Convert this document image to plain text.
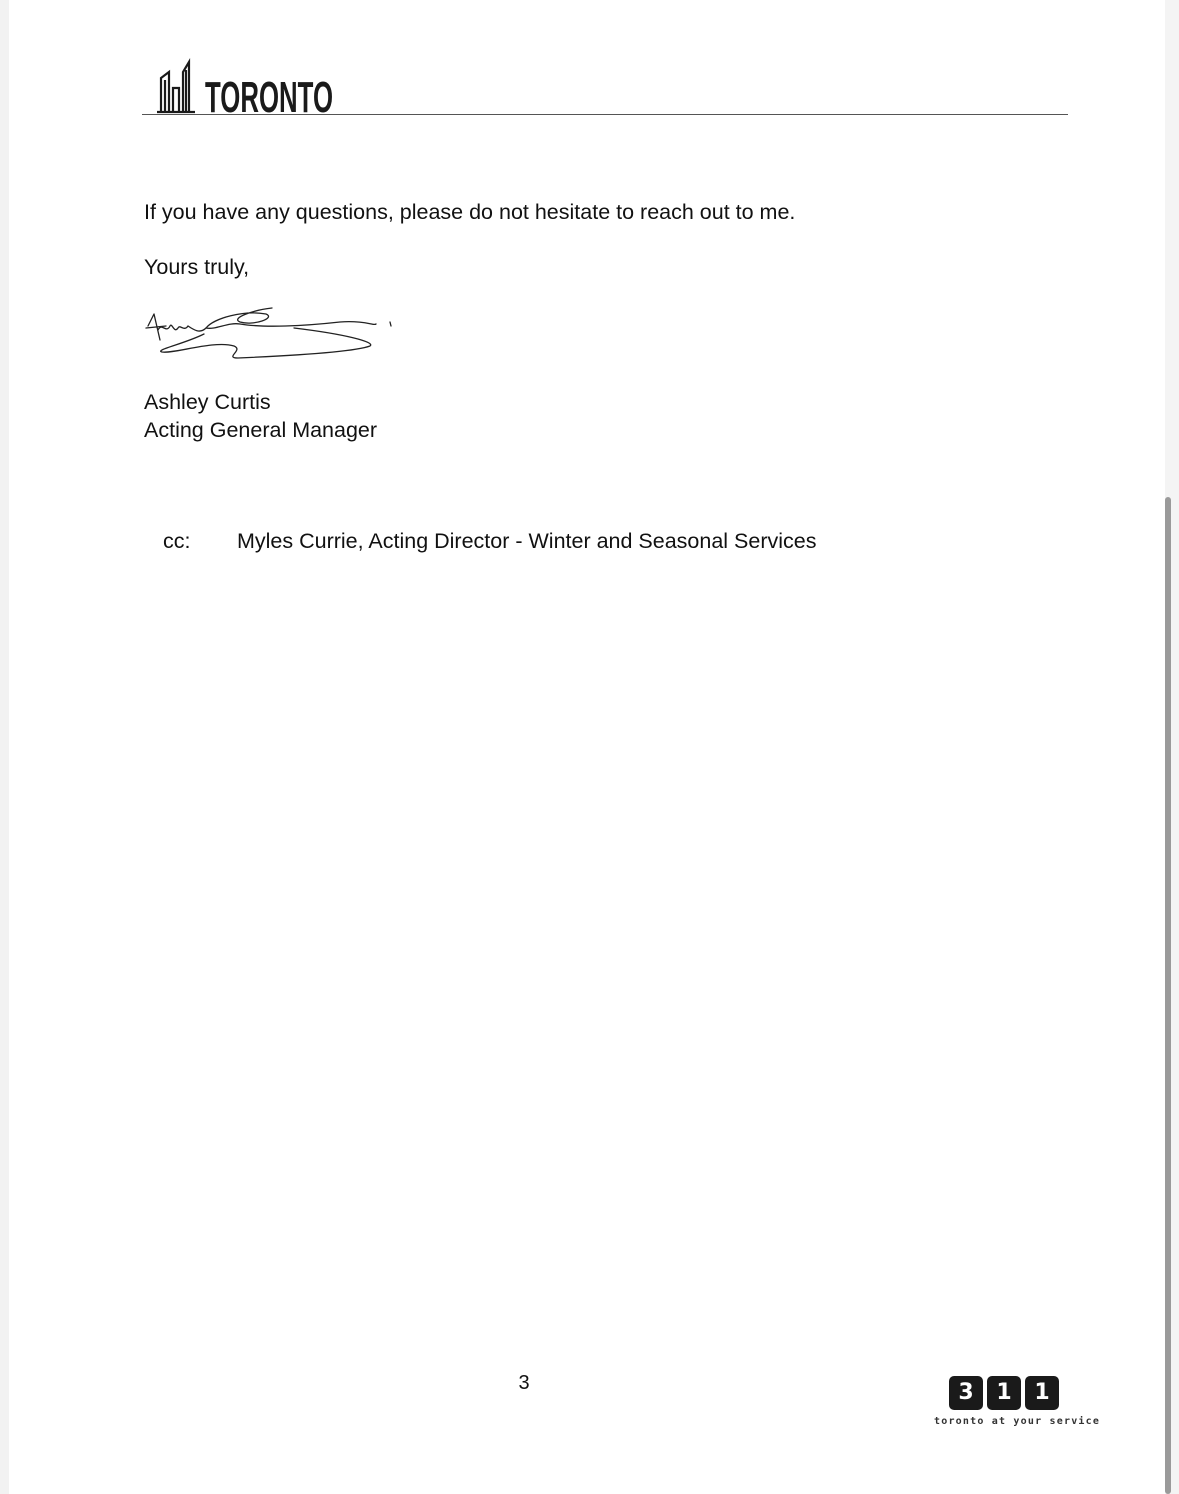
TORONTO
If you have any questions, please do not hesitate to reach out to me.
Yours truly,
Ashley Curtis
Acting General Manager
cc: Myles Currie, Acting Director - Winter and Seasonal Services
3	3	1	1
toronto at your service
